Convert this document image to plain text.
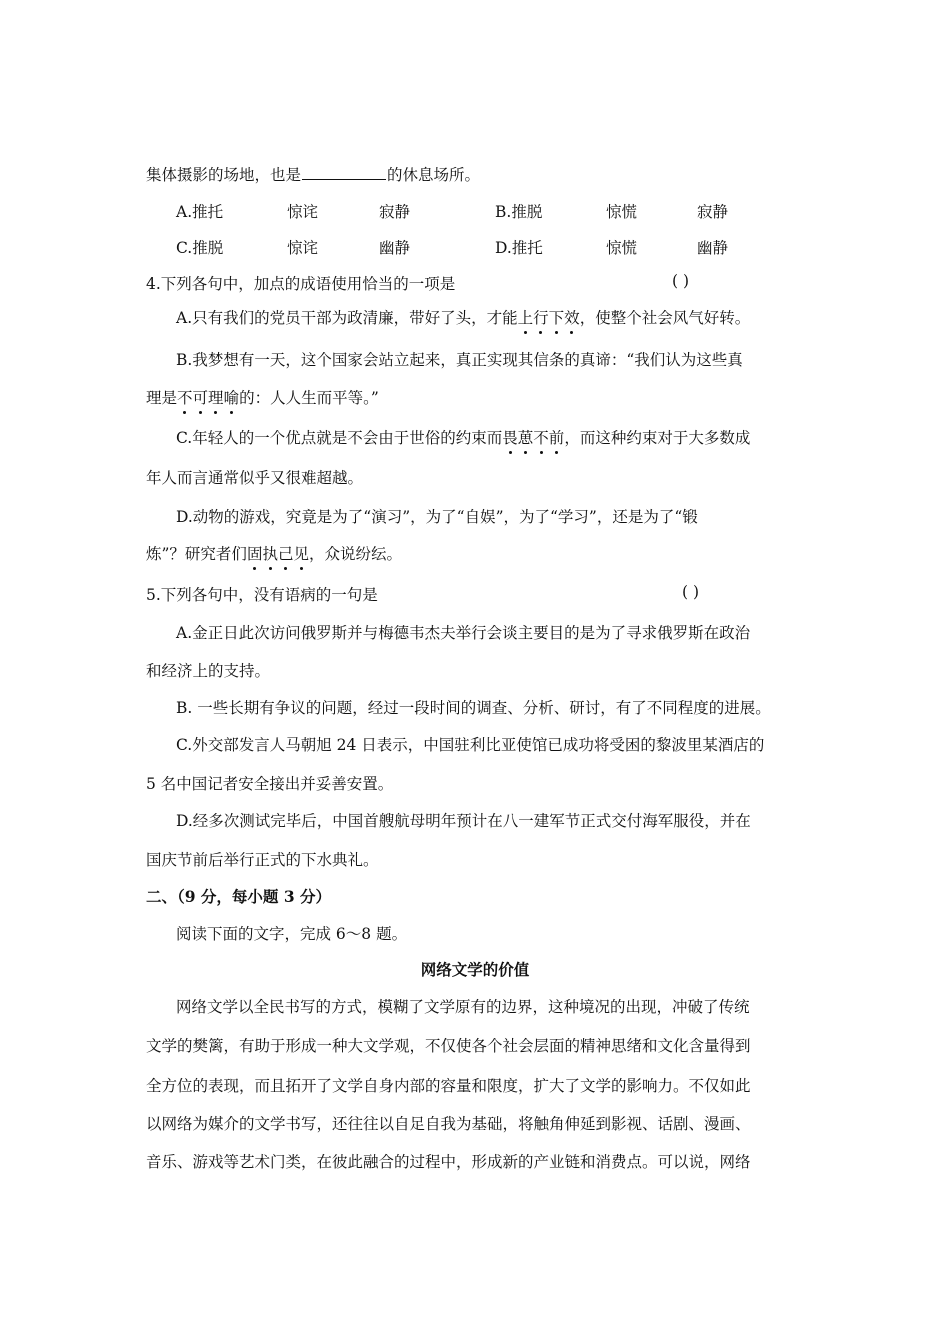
集体摄影的场地，也是	的休息场所。
A.推托	惊诧	寂静	B.推脱	惊慌	寂静
C.推脱	惊诧	幽静	D.推托	惊慌	幽静
4.下列各句中，加点的成语使用恰当的一项是	( )
A.只有我们的党员干部为政清廉，带好了头，才能上行下效，使整个社会风气好转。
B.我梦想有一天，这个国家会站立起来，真正实现其信条的真谛：“我们认为这些真
理是不可理喻的：人人生而平等。”
C.年轻人的一个优点就是不会由于世俗的约束而畏葸不前，而这种约束对于大多数成
年人而言通常似乎又很难超越。
D.动物的游戏，究竟是为了“演习”，为了“自娱”，为了“学习”，还是为了“锻
炼”？研究者们固执己见，众说纷纭。
5.下列各句中，没有语病的一句是	( )
A.金正日此次访问俄罗斯并与梅德韦杰夫举行会谈主要目的是为了寻求俄罗斯在政治
和经济上的支持。
B. 一些长期有争议的问题，经过一段时间的调查、分析、研讨，有了不同程度的进展。
C.外交部发言人马朝旭 24 日表示，中国驻利比亚使馆已成功将受困的黎波里某酒店的
5 名中国记者安全接出并妥善安置。
D.经多次测试完毕后，中国首艘航母明年预计在八一建军节正式交付海军服役，并在
国庆节前后举行正式的下水典礼。
二、（9 分，每小题 3 分）
阅读下面的文字，完成 6～8 题。
网络文学的价值
网络文学以全民书写的方式，模糊了文学原有的边界，这种境况的出现，冲破了传统
文学的樊篱，有助于形成一种大文学观，不仅使各个社会层面的精神思绪和文化含量得到
全方位的表现，而且拓开了文学自身内部的容量和限度，扩大了文学的影响力。不仅如此
以网络为媒介的文学书写，还往往以自足自我为基础，将触角伸延到影视、话剧、漫画、
音乐、游戏等艺术门类，在彼此融合的过程中，形成新的产业链和消费点。可以说，网络
